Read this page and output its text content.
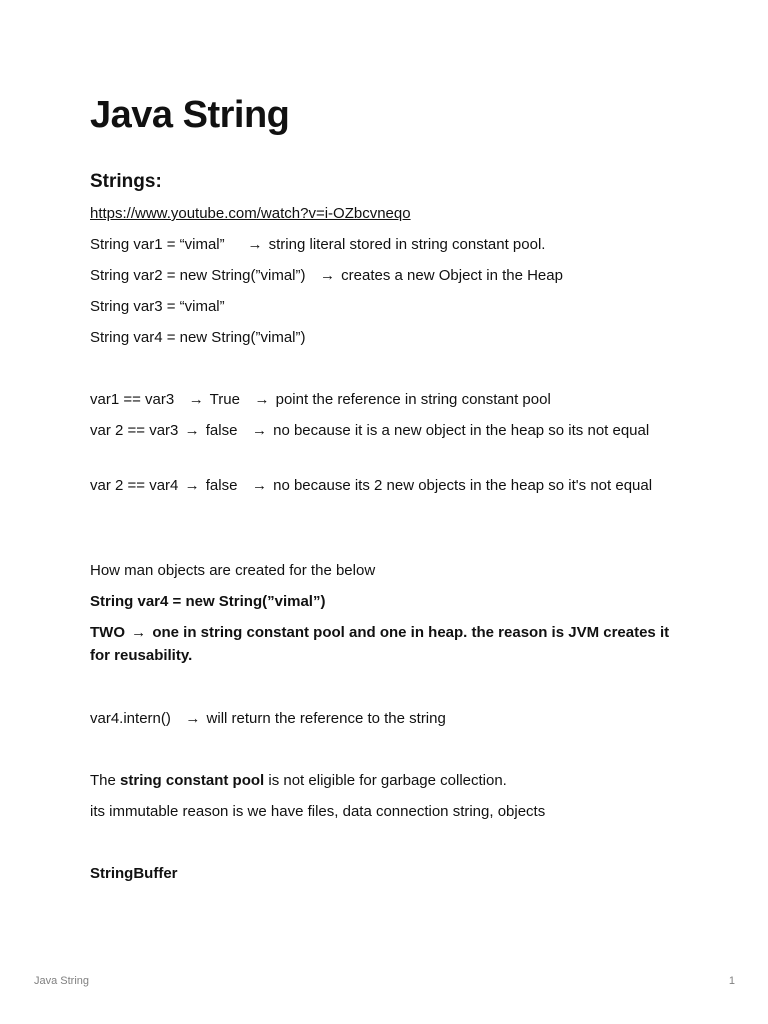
Java String
Strings:

https://www.youtube.com/watch?v=i-OZbcvneqo

String var1 = “vimal” → string literal stored in string constant pool.

String var2 = new String(”vimal”) → creates a new Object in the Heap

String var3 = “vimal”

String var4 = new String(”vimal”)

var1 == var3 → True → point the reference in string constant pool

var 2 == var3 → false → no because it is a new object in the heap so its not equal

var 2 == var4 → false → no because its 2 new objects in the heap so it's not equal

How man objects are created for the below

String var4 = new String(”vimal”)

TWO → one in string constant pool and one in heap. the reason is JVM creates it for reusability.

var4.intern() → will return the reference to the string

The string constant pool is not eligible for garbage collection.

its immutable reason is we have files, data connection string, objects

StringBuffer

Java String	1
